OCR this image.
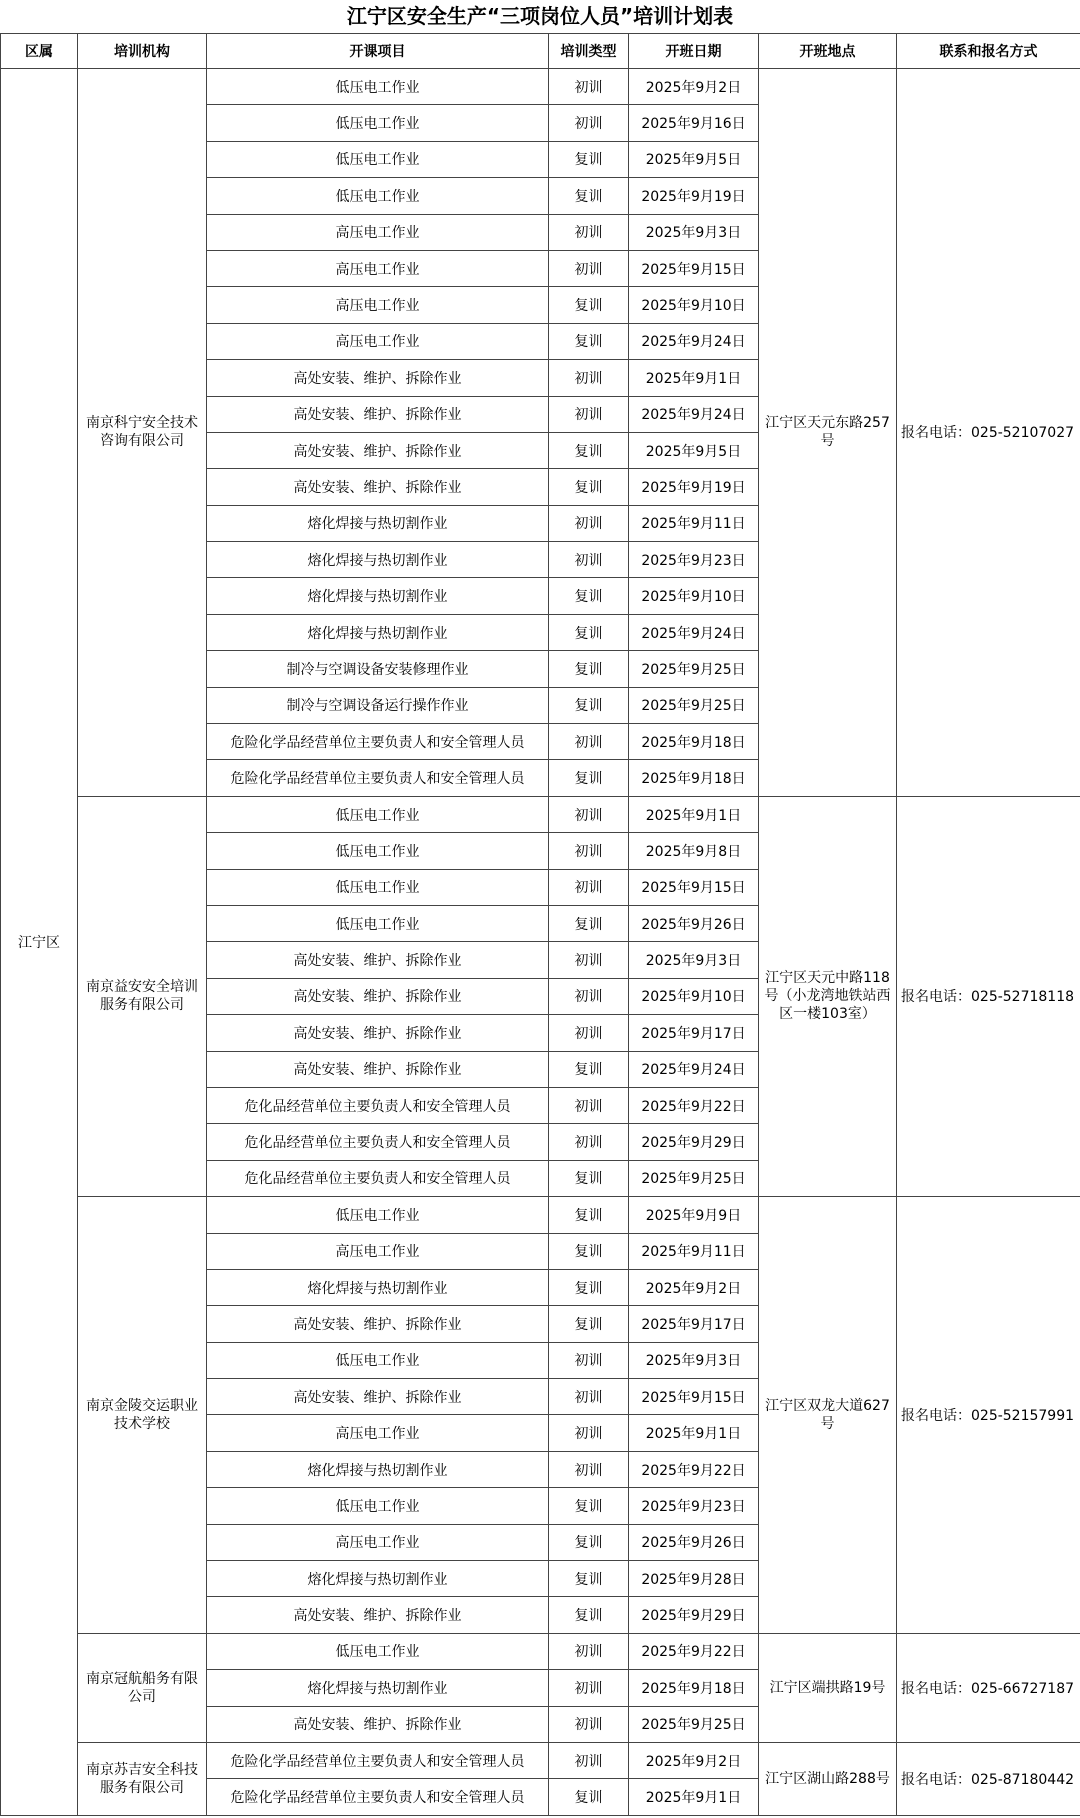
江宁区安全生产“三项岗位人员”培训计划表
区属	培训机构	开课项目	培训类型	开班日期	开班地点	联系和报名方式
江宁区	南京科宁安全技术咨询有限公司	低压电工作业	初训	2025年9月2日	江宁区天元东路257号	报名电话：025-52107027
		低压电工作业	初训	2025年9月16日		
		低压电工作业	复训	2025年9月5日		
		低压电工作业	复训	2025年9月19日		
		高压电工作业	初训	2025年9月3日		
		高压电工作业	初训	2025年9月15日		
		高压电工作业	复训	2025年9月10日		
		高压电工作业	复训	2025年9月24日		
		高处安装、维护、拆除作业	初训	2025年9月1日		
		高处安装、维护、拆除作业	初训	2025年9月24日		
		高处安装、维护、拆除作业	复训	2025年9月5日		
		高处安装、维护、拆除作业	复训	2025年9月19日		
		熔化焊接与热切割作业	初训	2025年9月11日		
		熔化焊接与热切割作业	初训	2025年9月23日		
		熔化焊接与热切割作业	复训	2025年9月10日		
		熔化焊接与热切割作业	复训	2025年9月24日		
		制冷与空调设备安装修理作业	复训	2025年9月25日		
		制冷与空调设备运行操作作业	复训	2025年9月25日		
		危险化学品经营单位主要负责人和安全管理人员	初训	2025年9月18日		
		危险化学品经营单位主要负责人和安全管理人员	复训	2025年9月18日		
	南京益安安全培训服务有限公司	低压电工作业	初训	2025年9月1日	江宁区天元中路118号（小龙湾地铁站西区一楼103室）	报名电话：025-52718118
		低压电工作业	初训	2025年9月8日		
		低压电工作业	初训	2025年9月15日		
		低压电工作业	复训	2025年9月26日		
		高处安装、维护、拆除作业	初训	2025年9月3日		
		高处安装、维护、拆除作业	初训	2025年9月10日		
		高处安装、维护、拆除作业	初训	2025年9月17日		
		高处安装、维护、拆除作业	复训	2025年9月24日		
		危化品经营单位主要负责人和安全管理人员	初训	2025年9月22日		
		危化品经营单位主要负责人和安全管理人员	初训	2025年9月29日		
		危化品经营单位主要负责人和安全管理人员	复训	2025年9月25日		
	南京金陵交运职业技术学校	低压电工作业	复训	2025年9月9日	江宁区双龙大道627号	报名电话：025-52157991
		高压电工作业	复训	2025年9月11日		
		熔化焊接与热切割作业	复训	2025年9月2日		
		高处安装、维护、拆除作业	复训	2025年9月17日		
		低压电工作业	初训	2025年9月3日		
		高处安装、维护、拆除作业	初训	2025年9月15日		
		高压电工作业	初训	2025年9月1日		
		熔化焊接与热切割作业	初训	2025年9月22日		
		低压电工作业	复训	2025年9月23日		
		高压电工作业	复训	2025年9月26日		
		熔化焊接与热切割作业	复训	2025年9月28日		
		高处安装、维护、拆除作业	复训	2025年9月29日		
	南京冠航船务有限公司	低压电工作业	初训	2025年9月22日	江宁区端拱路19号	报名电话：025-66727187
		熔化焊接与热切割作业	初训	2025年9月18日		
		高处安装、维护、拆除作业	初训	2025年9月25日		
	南京苏吉安全科技服务有限公司	危险化学品经营单位主要负责人和安全管理人员	初训	2025年9月2日	江宁区湖山路288号	报名电话：025-87180442
		危险化学品经营单位主要负责人和安全管理人员	复训	2025年9月1日		
